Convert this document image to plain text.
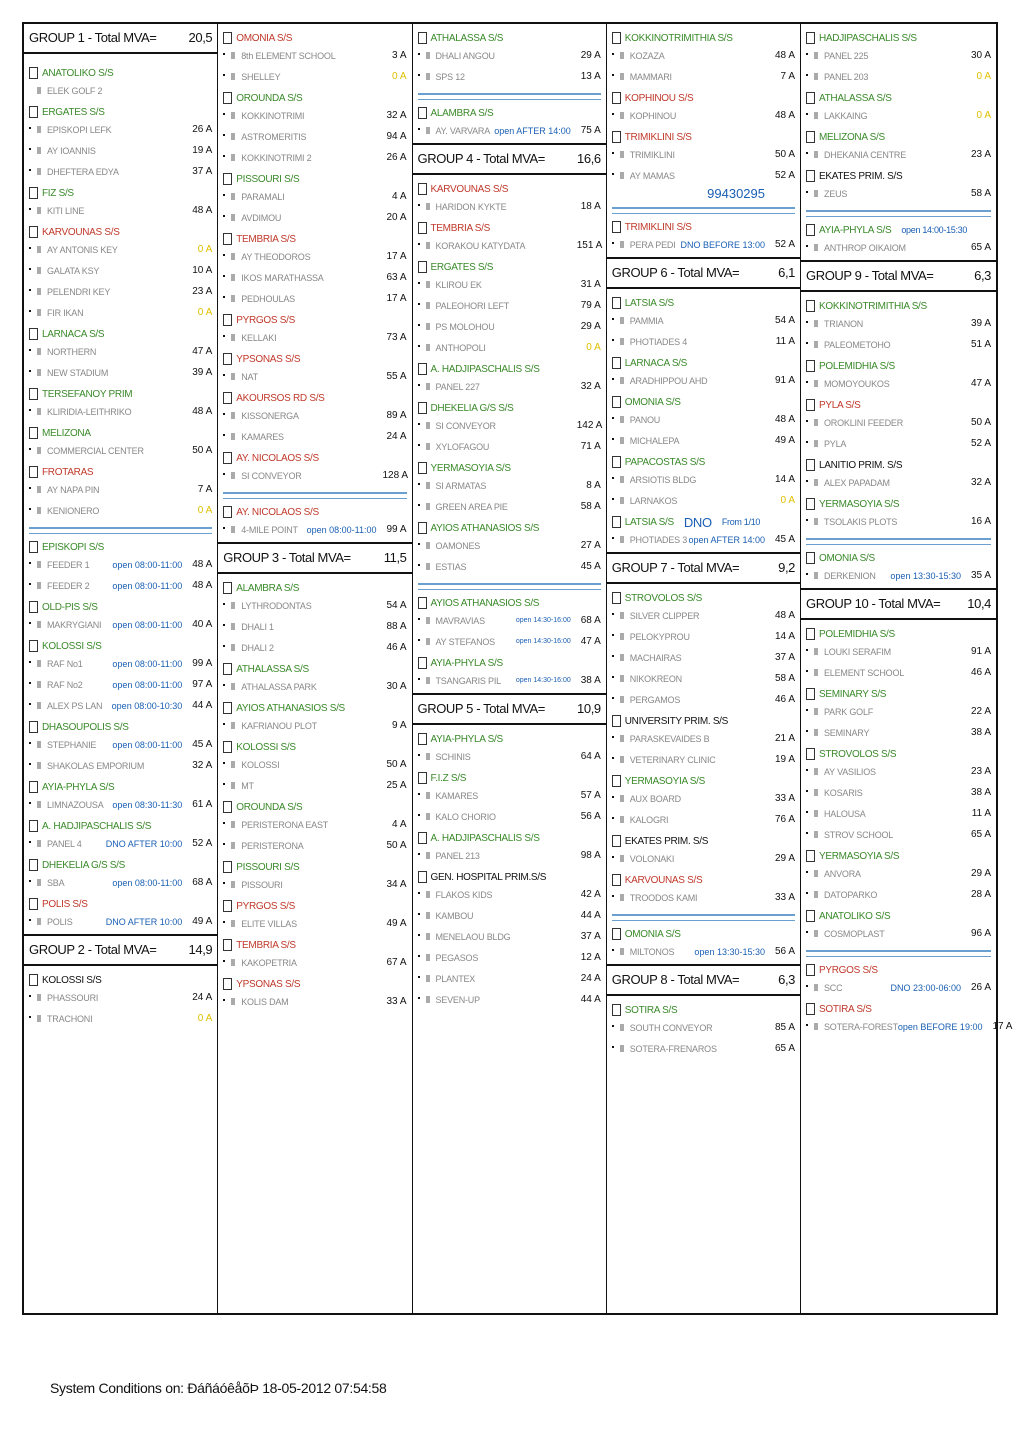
GROUP 1 - Total MVA= 20,5
ANATOLIKO S/S
ELEK GOLF 2
ERGATES S/S
EPISKOPI LEFK	26 A
AY IOANNIS	19 A
DHEFTERA EDYA	37 A
FIZ S/S
KITI LINE	48 A
KARVOUNAS S/S
AY ANTONIS KEY	0 A
GALATA KSY	10 A
PELENDRI KEY	23 A
FIR IKAN	0 A
LARNACA S/S
NORTHERN	47 A
NEW STADIUM	39 A
TERSEFANOY PRIM
KLIRIDIA-LEITHRIKO	48 A
MELIZONA
COMMERCIAL CENTER	50 A
FROTARAS
AY NAPA PIN	7 A
KENIONERO	0 A
EPISKOPI S/S
FEEDER 1	open 08:00-11:00 48 A
FEEDER 2	open 08:00-11:00 48 A
OLD-PIS S/S
MAKRYGIANI	open 08:00-11:00 40 A
KOLOSSI S/S
RAF No1	open 08:00-11:00 99 A
RAF No2	open 08:00-11:00 97 A
ALEX PS LAN	open 08:00-10:30 44 A
DHASOUPOLIS S/S
STEPHANIE	open 08:00-11:00 45 A
SHAKOLAS EMPORIUM	32 A
AYIA-PHYLA S/S
LIMNAZOUSA open 08:30-11:30 61 A
A. HADJIPASCHALIS S/S
PANEL 4	DNO AFTER 10:00 52 A
DHEKELIA G/S S/S
SBA	open 08:00-11:00 68 A
POLIS S/S
POLIS	DNO AFTER 10:00 49 A
GROUP 2 - Total MVA= 14,9
KOLOSSI S/S
PHASSOURI	24 A
TRACHONI	0 A
OMONIA S/S
8th ELEMENT SCHOOL	3 A
SHELLEY	0 A
OROUNDA S/S
KOKKINOTRIMI	32 A
ASTROMERITIS	94 A
KOKKINOTRIMI 2	26 A
PISSOURI S/S
PARAMALI	4 A
AVDIMOU	20 A
TEMBRIA S/S
AY THEODOROS	17 A
IKOS MARATHASSA	63 A
PEDHOULAS	17 A
PYRGOS S/S
KELLAKI	73 A
YPSONAS S/S
NAT	55 A
AKOURSOS RD S/S
KISSONERGA	89 A
KAMARES	24 A
AY. NICOLAOS S/S
SI CONVEYOR	128 A
AY. NICOLAOS S/S
4-MILE POINT open 08:00-11:00 99 A
GROUP 3 - Total MVA=	11,5
ALAMBRA S/S
LYTHRODONTAS	54 A
DHALI 1	88 A
DHALI 2	46 A
ATHALASSA S/S
ATHALASSA PARK	30 A
AYIOS ATHANASIOS S/S
KAFRIANOU PLOT	9 A
KOLOSSI S/S
KOLOSSI	50 A
MT	25 A
OROUNDA S/S
PERISTERONA EAST	4 A
PERISTERONA	50 A
PISSOURI S/S
PISSOURI	34 A
PYRGOS S/S
ELITE VILLAS	49 A
TEMBRIA S/S
KAKOPETRIA	67 A
YPSONAS S/S
KOLIS DAM	33 A
ATHALASSA S/S
DHALI ANGOU	29 A
SPS 12	13 A
ALAMBRA S/S
AY. VARVARA open AFTER 14:00 75 A
GROUP 4 - Total MVA= 16,6
KARVOUNAS S/S
HARIDON KYKTE	18 A
TEMBRIA S/S
KORAKOU KATYDATA	151 A
ERGATES S/S
KLIROU EK	31 A
PALEOHORI LEFT	79 A
PS MOLOHOU	29 A
ANTHOPOLI	0 A
A. HADJIPASCHALIS S/S
PANEL 227	32 A
DHEKELIA G/S S/S
SI CONVEYOR	142 A
XYLOFAGOU	71 A
YERMASOYIA S/S
SI ARMATAS	8 A
GREEN AREA PIE	58 A
AYIOS ATHANASIOS S/S
OAMONES	27 A
ESTIAS	45 A
AYIOS ATHANASIOS S/S
MAVRAVIAS	open 14:30-16:00 68 A
AY STEFANOS	open 14:30-16:00 47 A
AYIA-PHYLA S/S
TSANGARIS PIL	open 14:30-16:00 38 A
GROUP 5 - Total MVA= 10,9
AYIA-PHYLA S/S
SCHINIS	64 A
F.I.Z S/S
KAMARES	57 A
KALO CHORIO	56 A
A. HADJIPASCHALIS S/S
PANEL 213	98 A
GEN. HOSPITAL PRIM.S/S
FLAKOS KIDS	42 A
KAMBOU	44 A
MENELAOU BLDG	37 A
PEGASOS	12 A
PLANTEX	24 A
SEVEN-UP	44 A
KOKKINOTRIMITHIA S/S
KOZAZA	48 A
MAMMARI	7 A
KOPHINOU S/S
KOPHINOU	48 A
TRIMIKLINI S/S
TRIMIKLINI	50 A
AY MAMAS	52 A
99430295
TRIMIKLINI S/S
PERA PEDI DNO BEFORE 13:00 52 A
GROUP 6 - Total MVA=	6,1
LATSIA S/S
PAMMIA	54 A
PHOTIADES 4	11 A
LARNACA S/S
ARADHIPPOU AHD	91 A
OMONIA S/S
PANOU	48 A
MICHALEPA	49 A
PAPACOSTAS S/S
ARSIOTIS BLDG	14 A
LARNAKOS	0 A
LATSIA S/S DNO From 1/10
PHOTIADES 3 open AFTER 14:00 45 A
GROUP 7 - Total MVA=	9,2
STROVOLOS S/S
SILVER CLIPPER	48 A
PELOKYPROU	14 A
MACHAIRAS	37 A
NIKOKREON	58 A
PERGAMOS	46 A
UNIVERSITY PRIM. S/S
PARASKEVAIDES B	21 A
VETERINARY CLINIC	19 A
YERMASOYIA S/S
AUX BOARD	33 A
KALOGRI	76 A
EKATES PRIM. S/S
VOLONAKI	29 A
KARVOUNAS S/S
TROODOS KAMI	33 A
OMONIA S/S
MILTONOS	open 13:30-15:30 56 A
GROUP 8 - Total MVA=	6,3
SOTIRA S/S
SOUTH CONVEYOR	85 A
SOTERA-FRENAROS	65 A
HADJIPASCHALIS S/S
PANEL 225	30 A
PANEL 203	0 A
ATHALASSA S/S
LAKKAING	0 A
MELIZONA S/S
DHEKANIA CENTRE	23 A
EKATES PRIM. S/S
ZEUS	58 A
AYIA-PHYLA S/S open 14:00-15:30
ANTHROP OIKAIOM	65 A
GROUP 9 - Total MVA=	6,3
KOKKINOTRIMITHIA S/S
TRIANON	39 A
PALEOMETOHO	51 A
POLEMIDHIA S/S
MOMOYOUKOS	47 A
PYLA S/S
OROKLINI FEEDER	50 A
PYLA	52 A
LANITIO PRIM. S/S
ALEX PAPADAM	32 A
YERMASOYIA S/S
TSOLAKIS PLOTS	16 A
OMONIA S/S
DERKENION	open 13:30-15:30 35 A
GROUP 10 - Total MVA= 10,4
POLEMIDHIA S/S
LOUKI SERAFIM	91 A
ELEMENT SCHOOL	46 A
SEMINARY S/S
PARK GOLF	22 A
SEMINARY	38 A
STROVOLOS S/S
AY VASILIOS	23 A
KOSARIS	38 A
HALOUSA	11 A
STROV SCHOOL	65 A
YERMASOYIA S/S
ANVORA	29 A
DATOPARKO	28 A
ANATOLIKO S/S
COSMOPLAST	96 A
PYRGOS S/S
SCC	DNO 23:00-06:00 26 A
SOTIRA S/S
SOTERA-FOREST open BEFORE 19:00 17 A
System Conditions on: ÐáñáóêåõÞ 18-05-2012 07:54:58
